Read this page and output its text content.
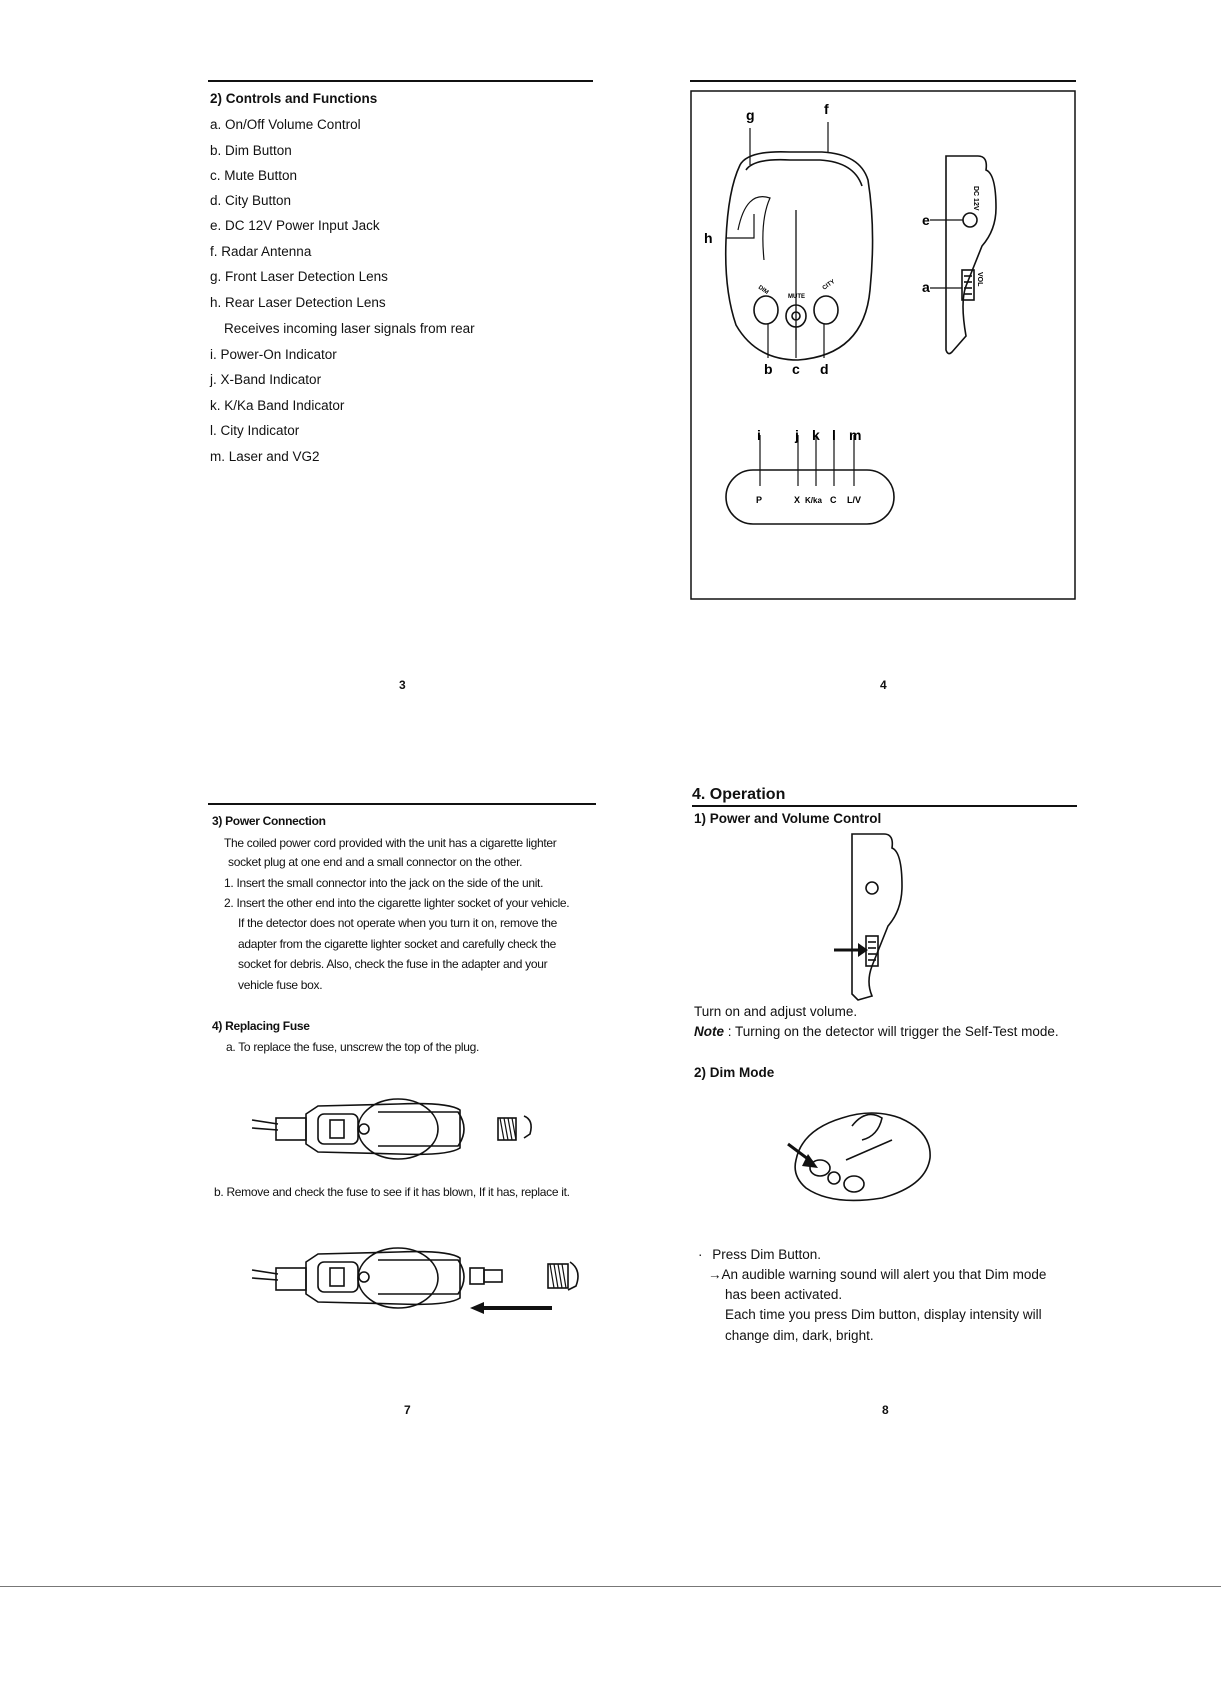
2) Controls and Functions
a. On/Off Volume Control
b. Dim Button
c. Mute Button
d. City Button
e. DC 12V Power Input Jack
f. Radar Antenna
g. Front Laser Detection Lens
h. Rear Laser Detection Lens
Receives incoming laser signals from rear
i. Power-On Indicator
j. X-Band Indicator
k. K/Ka Band Indicator
l. City Indicator
m. Laser and VG2
3
DIM
MUTE
CITY
g	f
h
b c d
DC 12V
VOL
e
a
i j k l m
P	X K/ka C L/V
4
3) Power Connection
The coiled power cord provided with the unit has a cigarette lighter
socket plug at one end and a small connector on the other.
1. Insert the small connector into the jack on the side of the unit.
2. Insert the other end into the cigarette lighter socket of your vehicle.
If the detector does not operate when you turn it on, remove the
adapter from the cigarette lighter socket and carefully check the
socket for debris. Also, check the fuse in the adapter and your
vehicle fuse box.
4) Replacing Fuse
a. To replace the fuse, unscrew the top of the plug.
b. Remove and check the fuse to see if it has blown, If it has, replace it.
7
4. Operation
1) Power and Volume Control
Turn on and adjust volume.
Note : Turning on the detector will trigger the Self-Test mode.
2) Dim Mode
· Press Dim Button.
→An audible warning sound will alert you that Dim mode
has been activated.
Each time you press Dim button, display intensity will
change dim, dark, bright.
8
